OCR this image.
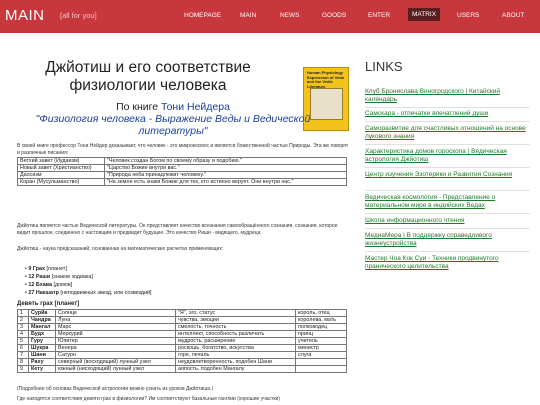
MAIN [all for you]	HOMEPAGE	MAIN	NEWS	GOODS	ENTER	MATRIX	USERS	ABOUT
Джйотиш и его соответствие физиологии человека
Human Physiology Expression of Veda and the Vedic Literature
По книге Тони Нейдера
"Физиология человека - Выражение Веды и Ведической литературы"
В своей книге профессор Тони Нейдер доказывает, что человек - это микрокосмос и является божественной частью Природы. Эта же говорят и различные писания:
Ветхий завет (Иудаизм)	"Человек создан Богом по своему образу и подобию."
Новый завет (Христианство)	"Царство Божие внутри вас."
Даосизм	"Природа неба принадлежит человеку."
Коран (Мусульманство)	"На земле есть знаки Божие для тех, кто истинно верует. Они внутри нас."
Джйотиш является частью Ведической литературы. Он представляет качество всезнания самообращённого сознания, сознания, которое видит прошлое, соединено с настоящим и предвидит будущее. Это качество Риши - видящего, мудреца.
Джйотиш - наука предсказаний, основанная на математических расчетах применяющих:
• 9 Грах [планет]
• 12 Раши [знаков зодиака]
• 12 Бхава [домов]
• 27 Накшатр [неподвижных звезд, или созвездий]
Девять грах [планет]
1	Сурйа	Солнце	"Я", эго, статус	король, отец
2	Чандра	Луна	чувства, эмоции	королева, мать
3	Мангал	Марс	смелость, точность	полководец
4	Будх	Меркурий	интеллект, способность различать	принц
5	Гуру	Юпитер	мудрость, расширение	учитель
6	Шукра	Венера	роскошь, богатство, искусства	министр
7	Шани	Сатурн	горе, печаль	слуга
8	Раху	северный (восходящий) лунный узел	неудовлетворенность, подобен Шани	
9	Кету	южный (нисходящий) лунный узел	аяпость, подобен Мангалу	
(Подробнее об основах Ведической астрологии можно узнать из уроков Джйотиша.)
Где находятся соответствия девяти грах в физиологии? Им соответствуют базальные ганглии (хорошие участки)
LINKS
Клуб Брониславa Виногродского | Китайский календарь
Самскара - отпечатки впечатлений души
Саморазвитие для счастливых отношений на основе лукового знания
Характеристика домов гороскопа | Ведическая астрология Джйотиш
Центр изучения Эзотерики и Развития Сознания
Ведическая космология - Представление о материальном мире в индийских Ведах
Школа информационного чтения
МедиаМера | В поддержку справедливого жизнеустройства
Мастер Чоа Кок Суи - Техники продвинутого пранического целительства
